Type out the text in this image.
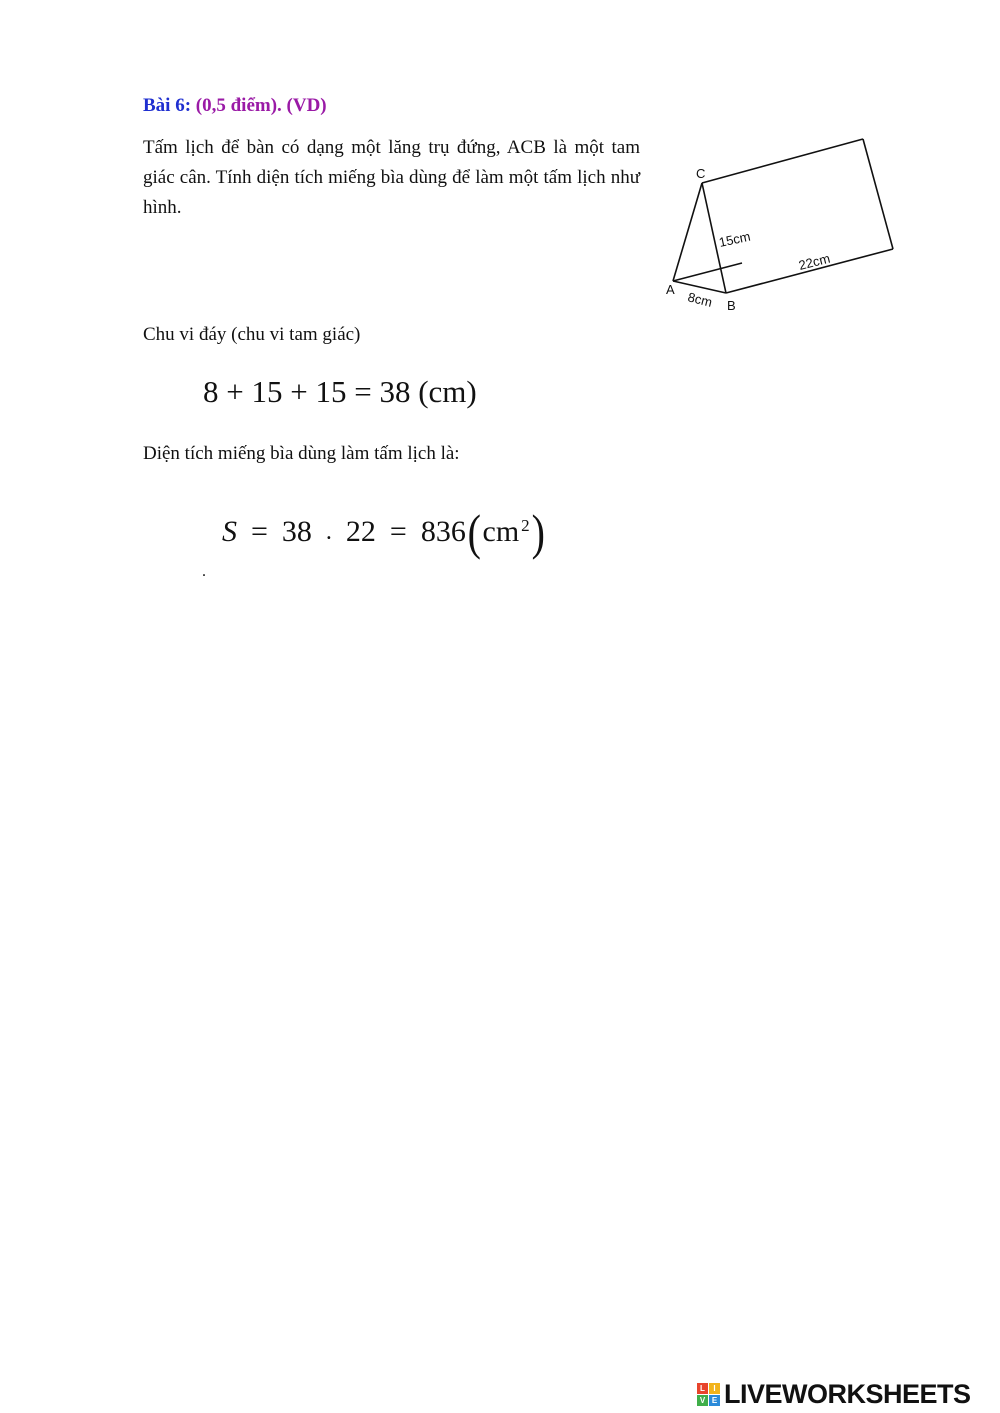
Bài 6: (0,5 điểm). (VD)
Tấm lịch để bàn có dạng một lăng trụ đứng, ACB là một tam giác cân. Tính diện tích miếng bìa dùng để làm một tấm lịch như hình.
C
A
B
15cm
8cm
22cm
Chu vi đáy (chu vi tam giác)
8 + 15 + 15 = 38 (cm)
Diện tích miếng bìa dùng làm tấm lịch là:
S = 38 . 22 = 836 ( $cm^2$ )
.
L	I
V E LIVEWORKSHEETS
